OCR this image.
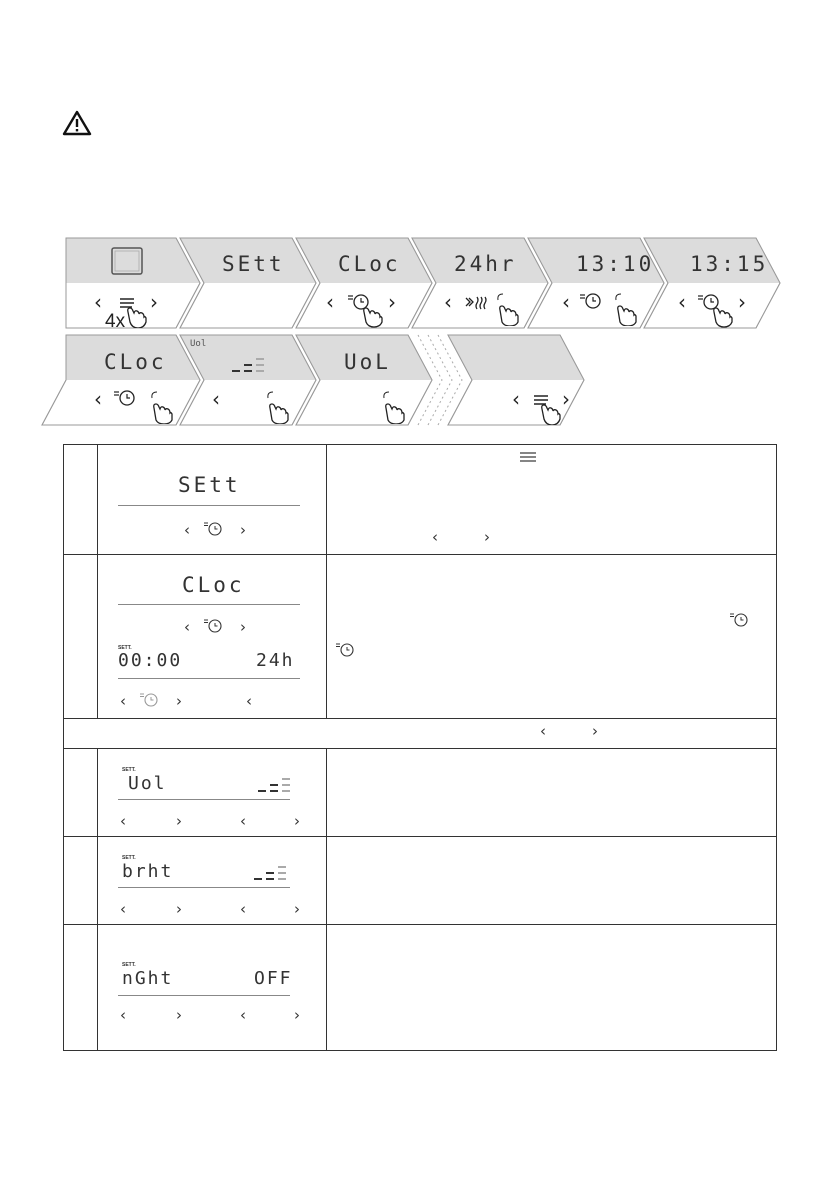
‹ ›
4x
SEtt	CLoc	24hr	13:10 13:15
‹	› ‹	‹	‹	›
CLoc
‹
Uol
‹
UoL
‹ ›
SEtt
‹	›	‹	›
CLoc
‹	›
SETT.
00:00	24h
‹	›	‹
‹	›
SETT.
Uol
‹	›	‹	›
SETT.
brht
‹	›	‹	›
SETT.
nGht	OFF
‹	›	‹	›
